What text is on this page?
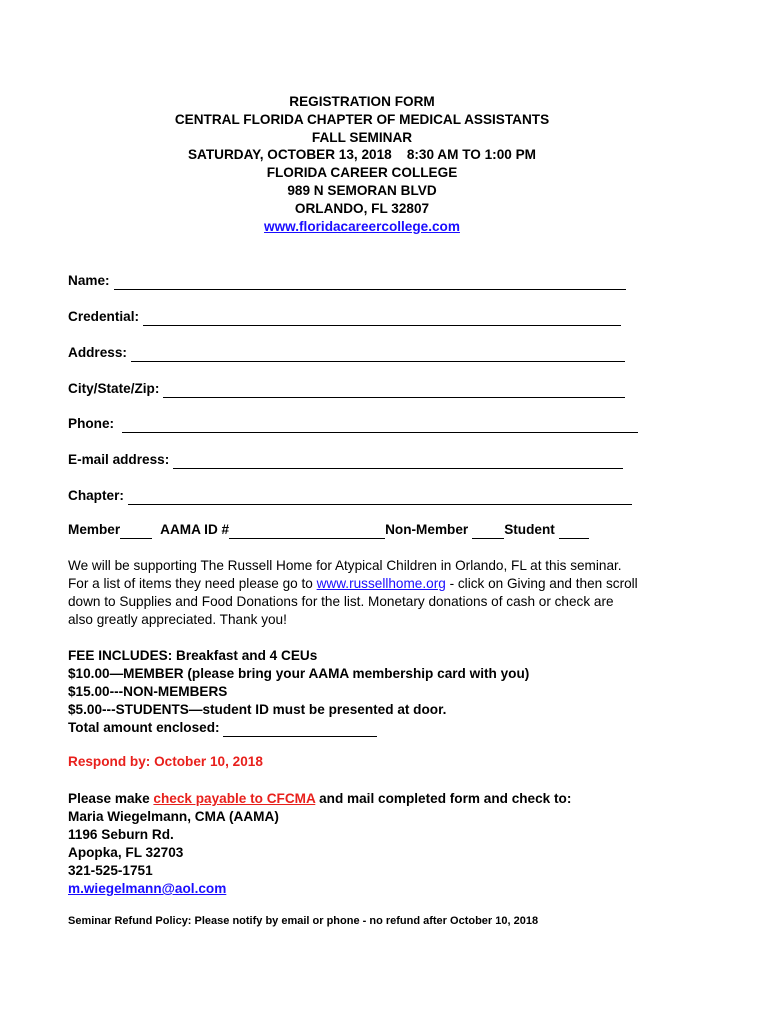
REGISTRATION FORM
CENTRAL FLORIDA CHAPTER OF MEDICAL ASSISTANTS
FALL SEMINAR
SATURDAY, OCTOBER 13, 2018    8:30 AM TO 1:00 PM
FLORIDA CAREER COLLEGE
989 N SEMORAN BLVD
ORLANDO, FL 32807
www.floridacareercollege.com
Name:
Credential:
Address:
City/State/Zip:
Phone:
E-mail address:
Chapter:
Member	AAMA ID #	Non-Member	Student
We will be supporting The Russell Home for Atypical Children in Orlando, FL at this seminar. For a list of items they need please go to www.russellhome.org - click on Giving and then scroll down to Supplies and Food Donations for the list. Monetary donations of cash or check are also greatly appreciated. Thank you!
FEE INCLUDES: Breakfast and 4 CEUs
$10.00—MEMBER (please bring your AAMA membership card with you)
$15.00---NON-MEMBERS
$5.00---STUDENTS—student ID must be presented at door.
Total amount enclosed:
Respond by: October 10, 2018
Please make check payable to CFCMA and mail completed form and check to:
Maria Wiegelmann, CMA (AAMA)
1196 Seburn Rd.
Apopka, FL 32703
321-525-1751
m.wiegelmann@aol.com
Seminar Refund Policy: Please notify by email or phone - no refund after October 10, 2018
